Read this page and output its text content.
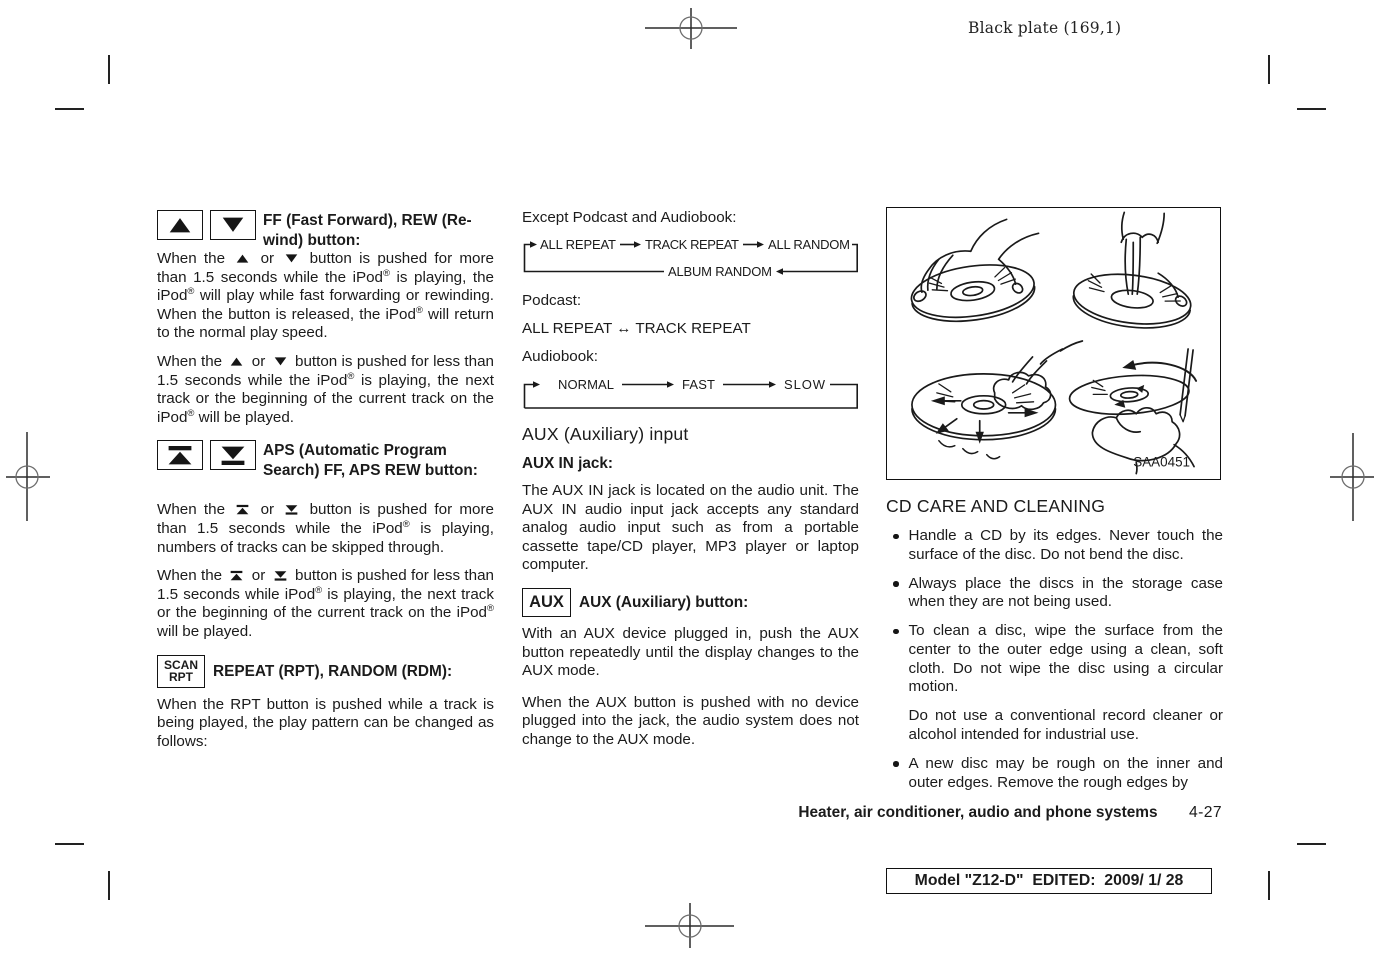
Black plate (169,1)
FF (Fast Forward), REW (Re-
wind) button:

When the  or  button is pushed for more than 1.5 seconds while the iPod® is playing, the iPod® will play while fast forwarding or rewinding. When the button is released, the iPod® will return to the normal play speed.

When the  or  button is pushed for less than 1.5 seconds while the iPod® is playing, the next track or the beginning of the current track on the iPod® will be played.

APS (Automatic Program
Search) FF, APS REW button:

When the  or  button is pushed for more than 1.5 seconds while the iPod® is playing, numbers of tracks can be skipped through.

When the  or  button is pushed for less than 1.5 seconds while iPod® is playing, the next track or the beginning of the current track on the iPod® will be played.

SCAN
RPT REPEAT (RPT), RANDOM (RDM):

When the RPT button is pushed while a track is being played, the play pattern can be changed as follows:

Except Podcast and Audiobook:
ALL REPEAT TRACK REPEAT ALL RANDOM
ALBUM RANDOM
Podcast:
ALL REPEAT ↔ TRACK REPEAT
Audiobook:
NORMAL	FAST	SLOW
AUX (Auxiliary) input
AUX IN jack:

The AUX IN jack is located on the audio unit. The AUX IN audio input jack accepts any standard analog audio input such as from a portable cassette tape/CD player, MP3 player or laptop computer.

AUX AUX (Auxiliary) button:

With an AUX device plugged in, push the AUX button repeatedly until the display changes to the AUX mode.

When the AUX button is pushed with no device plugged into the jack, the audio system does not change to the AUX mode.

SAA0451
CD CARE AND CLEANING
Handle a CD by its edges. Never touch the surface of the disc. Do not bend the disc.
Always place the discs in the storage case when they are not being used.
To clean a disc, wipe the surface from the center to the outer edge using a clean, soft cloth. Do not wipe the disc using a circular motion.

Do not use a conventional record cleaner or alcohol intended for industrial use.

A new disc may be rough on the inner and outer edges. Remove the rough edges by
Heater, air conditioner, audio and phone systems 4-27
Model "Z12-D"  EDITED:  2009/ 1/ 28
